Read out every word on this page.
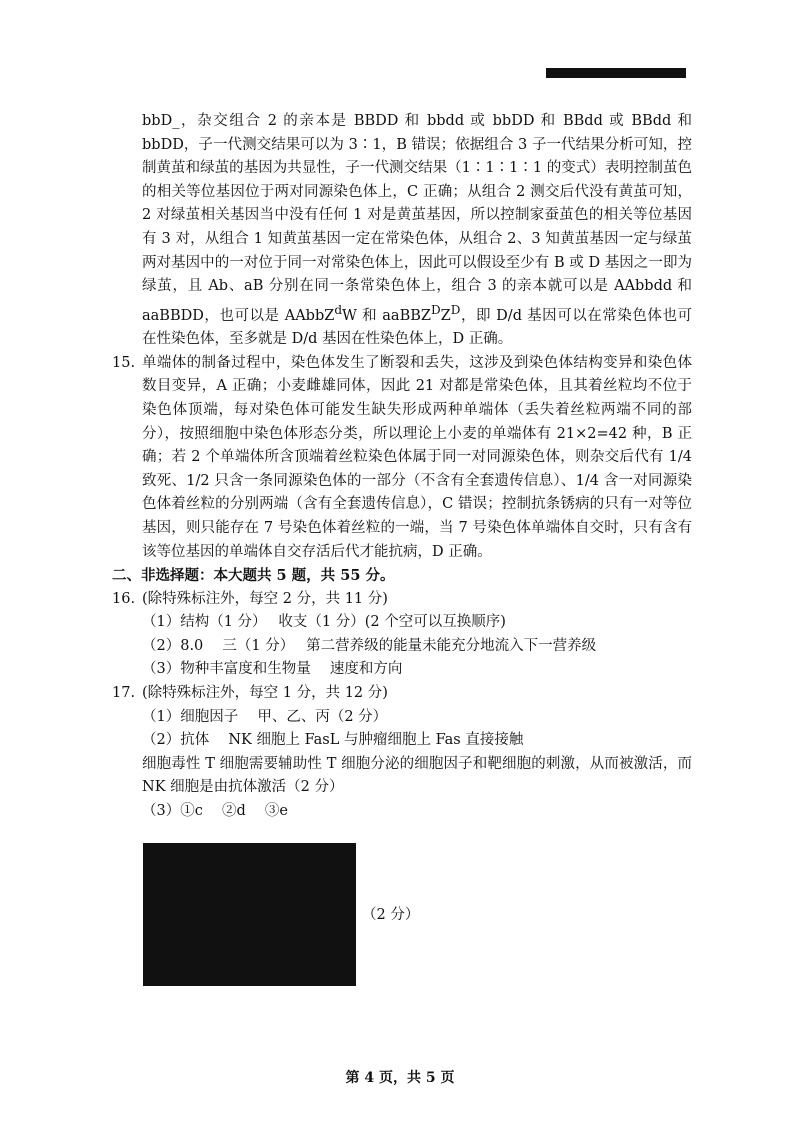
bbD_，杂交组合 2 的亲本是 BBDD 和 bbdd 或 bbDD 和 BBdd 或 BBdd 和 bbDD，子一代测交结果可以为 3∶1，B 错误；依据组合 3 子一代结果分析可知，控制黄茧和绿茧的基因为共显性，子一代测交结果（1∶1∶1∶1 的变式）表明控制茧色的相关等位基因位于两对同源染色体上，C 正确；从组合 2 测交后代没有黄茧可知，2 对绿茧相关基因当中没有任何 1 对是黄茧基因，所以控制家蚕茧色的相关等位基因有 3 对，从组合 1 知黄茧基因一定在常染色体，从组合 2、3 知黄茧基因一定与绿茧两对基因中的一对位于同一对常染色体上，因此可以假设至少有 B 或 D 基因之一即为绿茧，且 Ab、aB 分别在同一条常染色体上，组合 3 的亲本就可以是 AAbbdd 和 aaBBDD，也可以是 AAbbZ$^d$W 和 $aaBBZ^DZ^D$，即 D/d 基因可以在常染色体也可在性染色体，至多就是 D/d 基因在性染色体上，D 正确。

15. 单端体的制备过程中，染色体发生了断裂和丢失，这涉及到染色体结构变异和染色体数目变异，A 正确；小麦雌雄同体，因此 21 对都是常染色体，且其着丝粒均不位于染色体顶端，每对染色体可能发生缺失形成两种单端体（丢失着丝粒两端不同的部分），按照细胞中染色体形态分类，所以理论上小麦的单端体有 21×2=42 种，B 正确；若 2 个单端体所含顶端着丝粒染色体属于同一对同源染色体，则杂交后代有 1/4 致死、1/2 只含一条同源染色体的一部分（不含有全套遗传信息）、1/4 含一对同源染色体着丝粒的分别两端（含有全套遗传信息），C 错误；控制抗条锈病的只有一对等位基因，则只能存在 7 号染色体着丝粒的一端，当 7 号染色体单端体自交时，只有含有该等位基因的单端体自交存活后代才能抗病，D 正确。
二、非选择题：本大题共 5 题，共 55 分。
16. (除特殊标注外，每空 2 分，共 11 分)

（1）结构（1 分）　 收支（1 分）(2 个空可以互换顺序)

（2）8.0　 三（1 分）　 第二营养级的能量未能充分地流入下一营养级

（3）物种丰富度和生物量　 速度和方向

17. (除特殊标注外，每空 1 分，共 12 分)

（1）细胞因子　 甲、乙、丙（2 分）

（2）抗体　 NK 细胞上 FasL 与肿瘤细胞上 Fas 直接接触

细胞毒性 T 细胞需要辅助性 T 细胞分泌的细胞因子和靶细胞的刺激，从而被激活，而 NK 细胞是由抗体激活（2 分）

（3）①c　 ②d　 ③e

（2 分）
第 4 页，共 5 页
